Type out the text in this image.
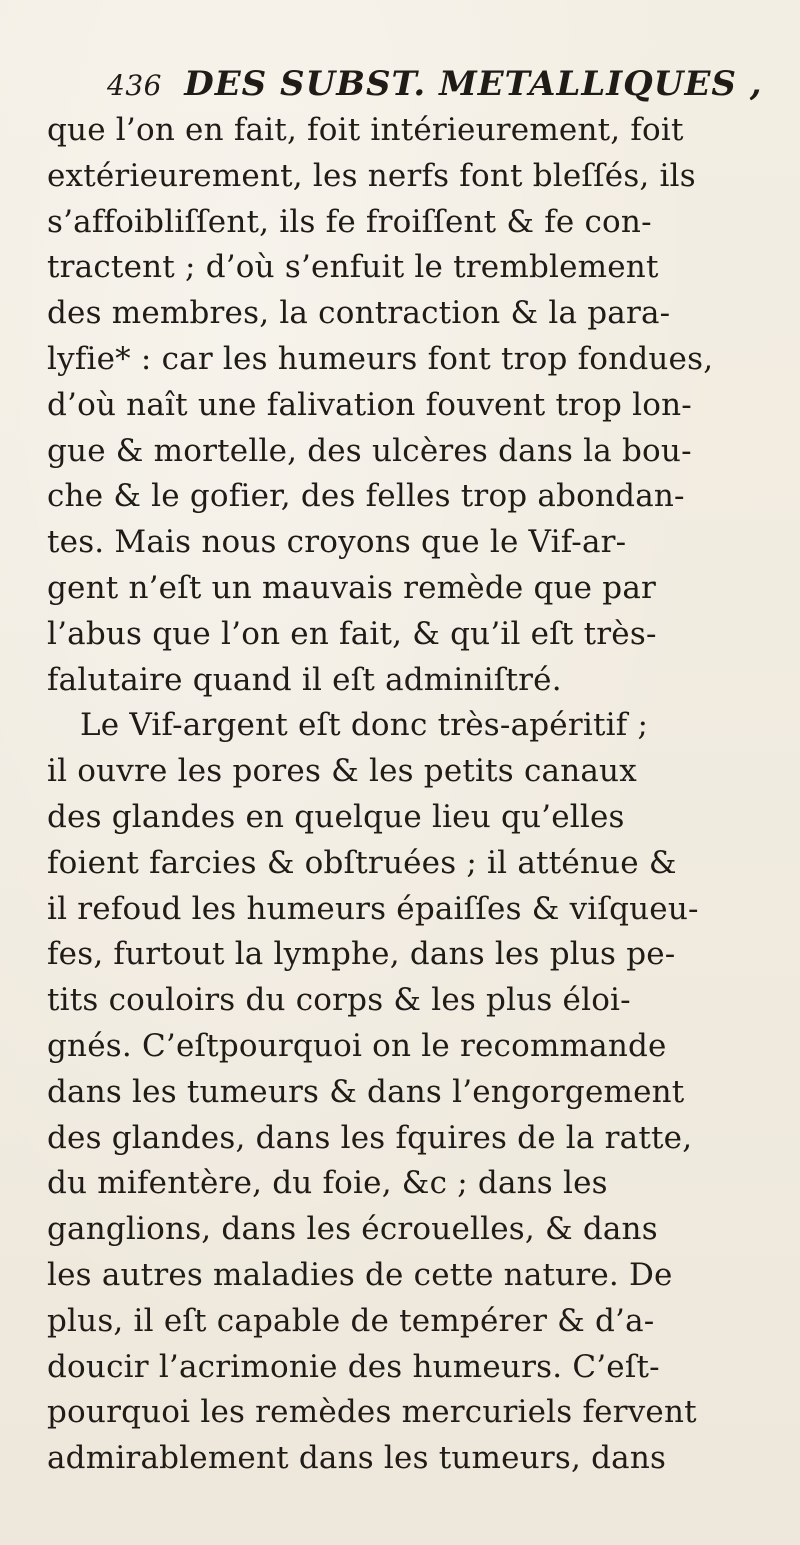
436 DES SUBST. METALLIQUES ,
que l’on en fait, foit intérieurement, foit
extérieurement, les nerfs font bleſſés, ils
s’affoibliſſent, ils fe froiſſent & fe con-
tractent ; d’où s’enfuit le tremblement
des membres, la contraction & la para-
lyfie* : car les humeurs font trop fondues,
d’où naît une falivation fouvent trop lon-
gue & mortelle, des ulcères dans la bou-
che & le gofier, des felles trop abondan-
tes. Mais nous croyons que le Vif-ar-
gent n’eſt un mauvais remède que par
l’abus que l’on en fait, & qu’il eſt très-
falutaire quand il eſt adminiſtré.
Le Vif-argent eſt donc très-apéritif ;
il ouvre les pores & les petits canaux
des glandes en quelque lieu qu’elles
foient farcies & obſtruées ; il atténue &
il refoud les humeurs épaiſſes & viſqueu-
fes, furtout la lymphe, dans les plus pe-
tits couloirs du corps & les plus éloi-
gnés. C’eſtpourquoi on le recommande
dans les tumeurs & dans l’engorgement
des glandes, dans les fquires de la ratte,
du mifentère, du foie, &c ; dans les
ganglions, dans les écrouelles, & dans
les autres maladies de cette nature. De
plus, il eſt capable de tempérer & d’a-
doucir l’acrimonie des humeurs. C’eſt-
pourquoi les remèdes mercuriels fervent
admirablement dans les tumeurs, dans
